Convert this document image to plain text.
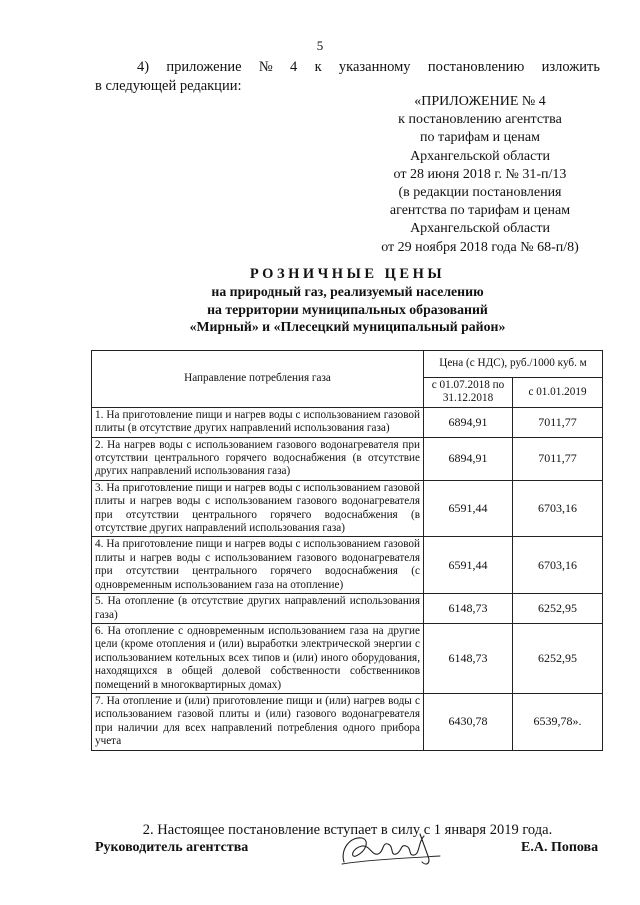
5
4) приложение № 4 к указанному постановлению изложить
в следующей редакции:
«ПРИЛОЖЕНИЕ № 4
к постановлению агентства
по тарифам и ценам
Архангельской области
от 28 июня 2018 г. № 31-п/13
(в редакции постановления
агентства по тарифам и ценам
Архангельской области
от 29 ноября 2018 года № 68-п/8)
РОЗНИЧНЫЕ ЦЕНЫ
на природный газ, реализуемый населению
на территории муниципальных образований
«Мирный» и «Плесецкий муниципальный район»
Направление потребления газа	Цена (с НДС), руб./1000 куб. м	
	с 01.07.2018 по 31.12.2018	с 01.01.2019
1. На приготовление пищи и нагрев воды с использованием газовой плиты (в отсутствие других направлений использования газа)	6894,91	7011,77
2. На нагрев воды с использованием газового водонагревателя при отсутствии центрального горячего водоснабжения (в отсутствие других направлений использования газа)	6894,91	7011,77
3. На приготовление пищи и нагрев воды с использованием газовой плиты и нагрев воды с использованием газового водонагревателя при отсутствии центрального горячего водоснабжения (в отсутствие других направлений использования газа)	6591,44	6703,16
4. На приготовление пищи и нагрев воды с использованием газовой плиты и нагрев воды с использованием газового водонагревателя при отсутствии центрального горячего водоснабжения (с одновременным использованием газа на отопление)	6591,44	6703,16
5. На отопление (в отсутствие других направлений использования газа)	6148,73	6252,95
6. На отопление с одновременным использованием газа на другие цели (кроме отопления и (или) выработки электрической энергии с использованием котельных всех типов и (или) иного оборудования, находящихся в общей долевой собственности собственников помещений в многоквартирных домах)	6148,73	6252,95
7. На отопление и (или) приготовление пищи и (или) нагрев воды с использованием газовой плиты и (или) газового водонагревателя при наличии для всех направлений потребления одного прибора учета	6430,78	6539,78».
2. Настоящее постановление вступает в силу с 1 января 2019 года.
Руководитель агентства	Е.А. Попова
